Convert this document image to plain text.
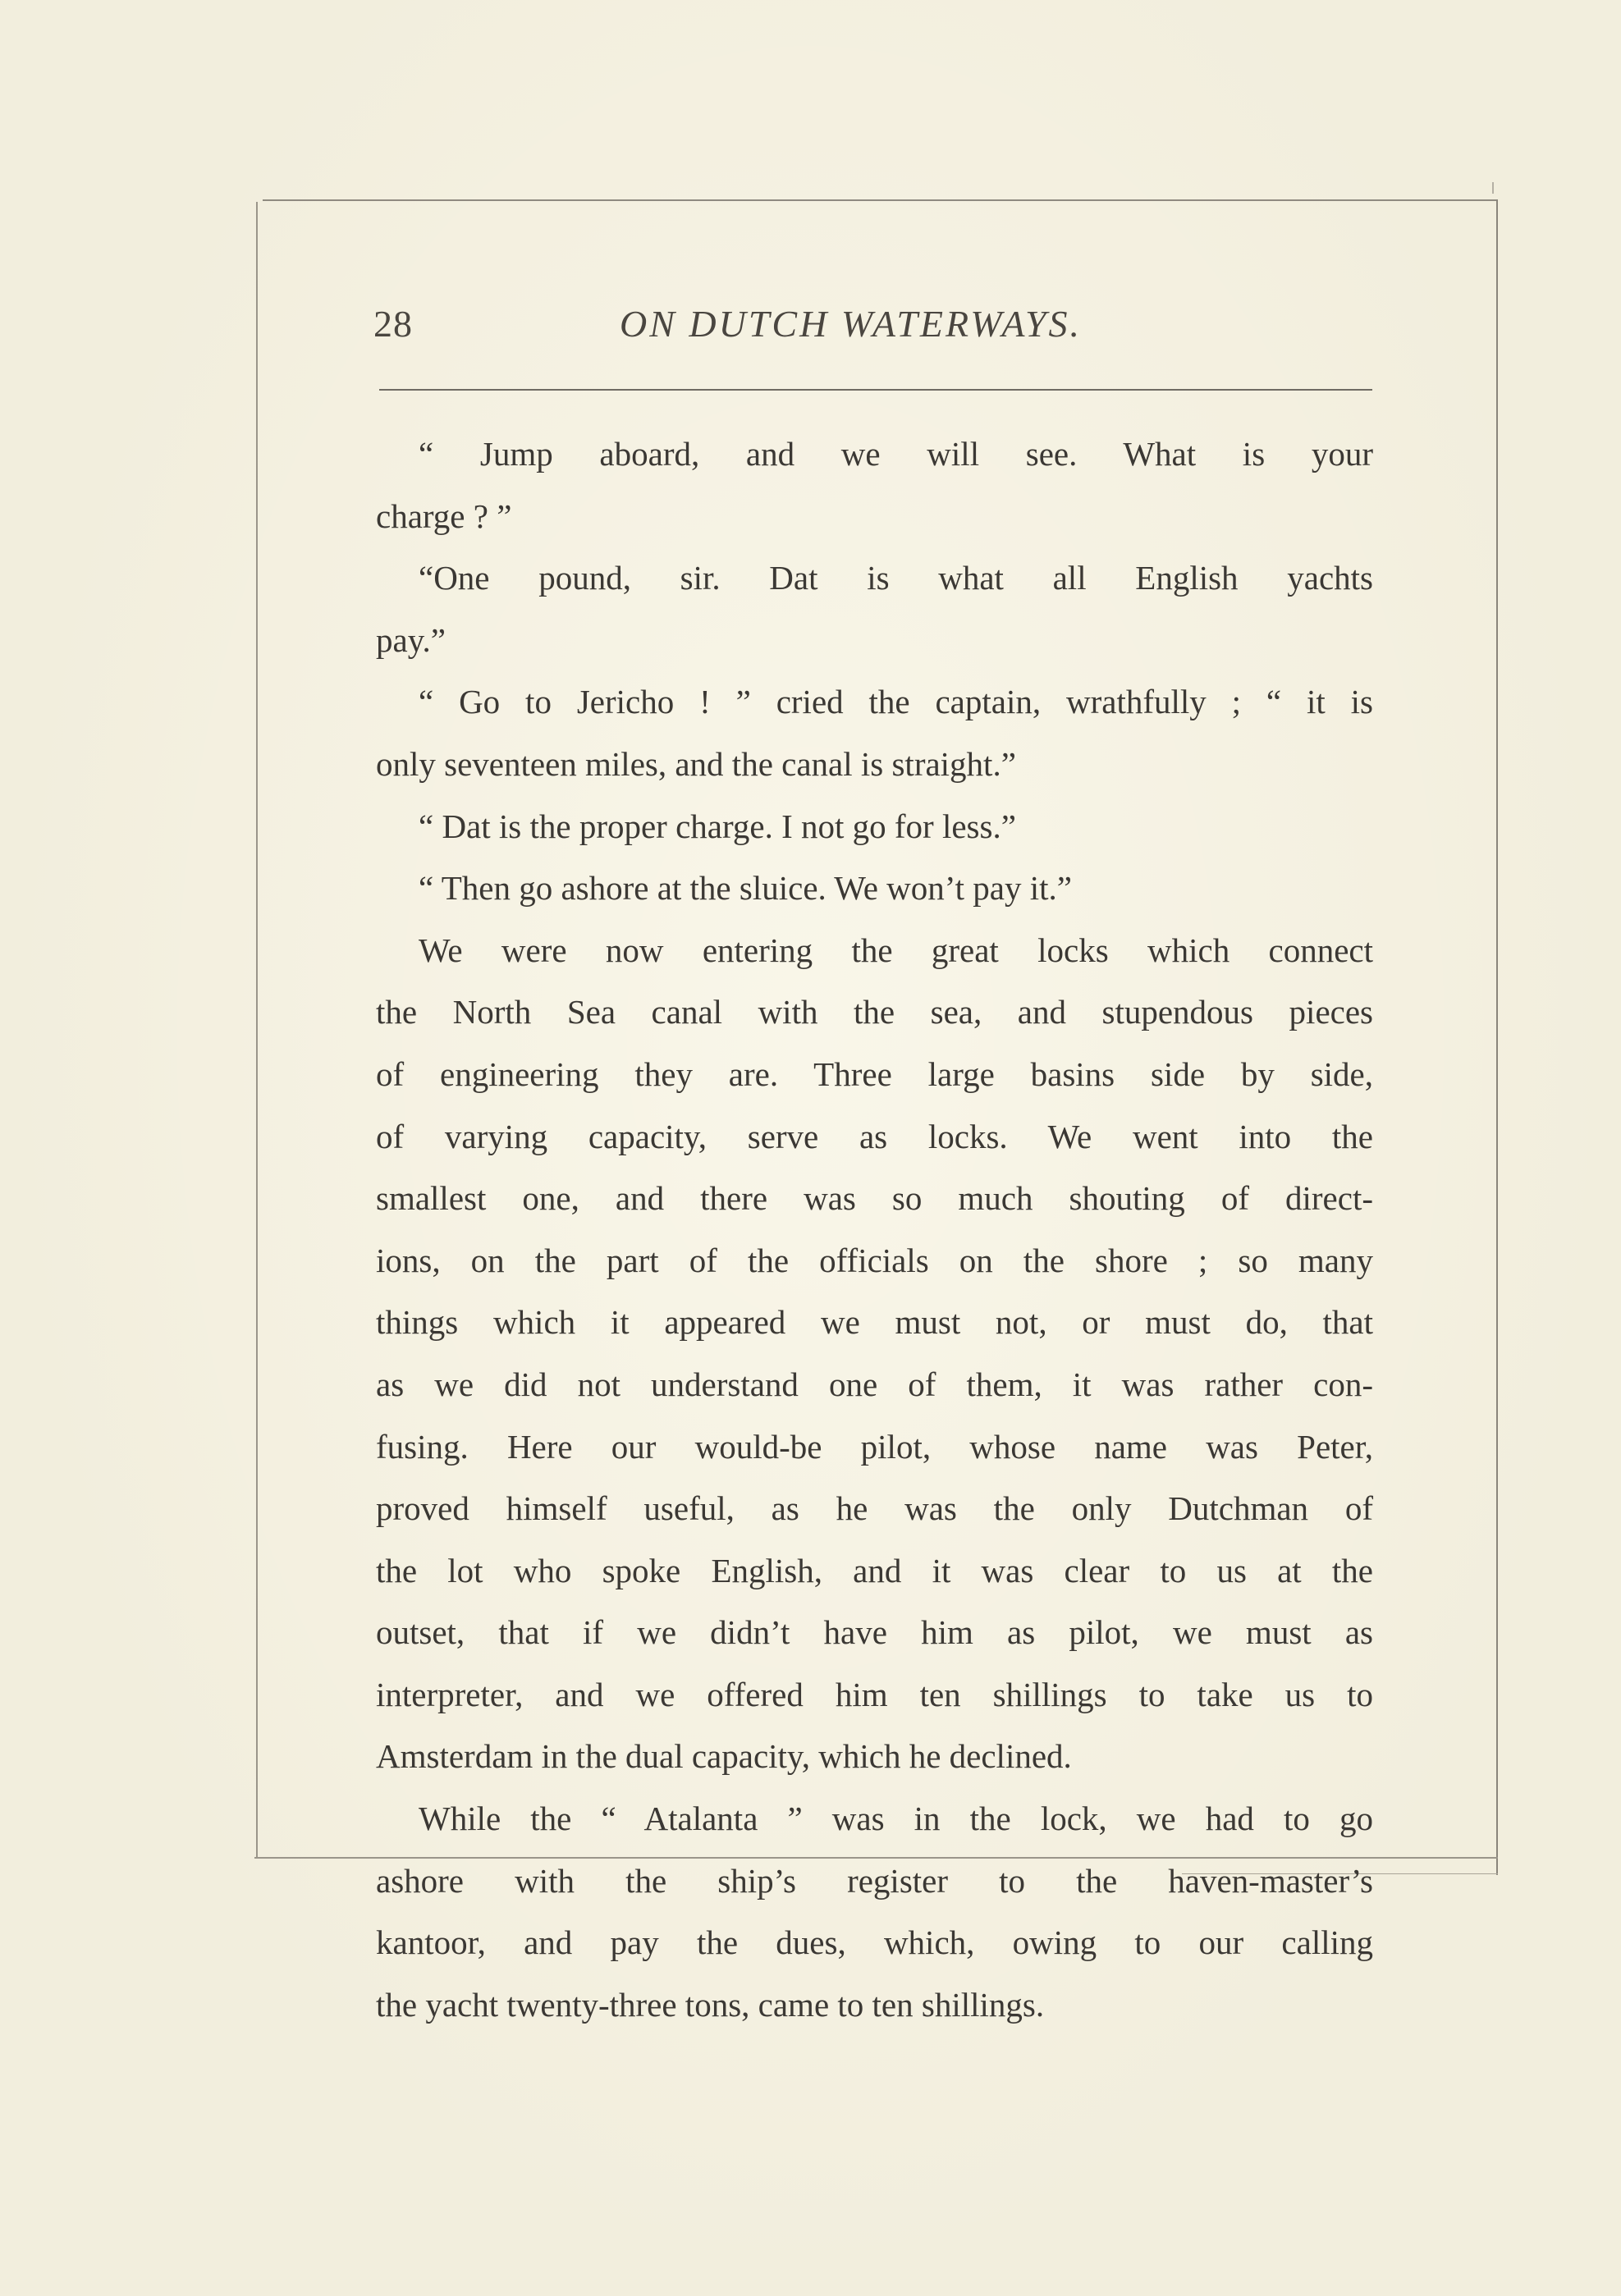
28	ON DUTCH WATERWAYS.
“ Jump aboard, and we will see. What is your
charge ? ”
“One pound, sir. Dat is what all English yachts
pay.”
“ Go to Jericho ! ” cried the captain, wrathfully ; “ it is
only seventeen miles, and the canal is straight.”
“ Dat is the proper charge. I not go for less.”
“ Then go ashore at the sluice. We won’t pay it.”
We were now entering the great locks which connect
the North Sea canal with the sea, and stupendous pieces
of engineering they are. Three large basins side by side,
of varying capacity, serve as locks. We went into the
smallest one, and there was so much shouting of direct-
ions, on the part of the officials on the shore ; so many
things which it appeared we must not, or must do, that
as we did not understand one of them, it was rather con-
fusing. Here our would-be pilot, whose name was Peter,
proved himself useful, as he was the only Dutchman of
the lot who spoke English, and it was clear to us at the
outset, that if we didn’t have him as pilot, we must as
interpreter, and we offered him ten shillings to take us to
Amsterdam in the dual capacity, which he declined.
While the “ Atalanta ” was in the lock, we had to go
ashore with the ship’s register to the haven-master’s
kantoor, and pay the dues, which, owing to our calling
the yacht twenty-three tons, came to ten shillings.
